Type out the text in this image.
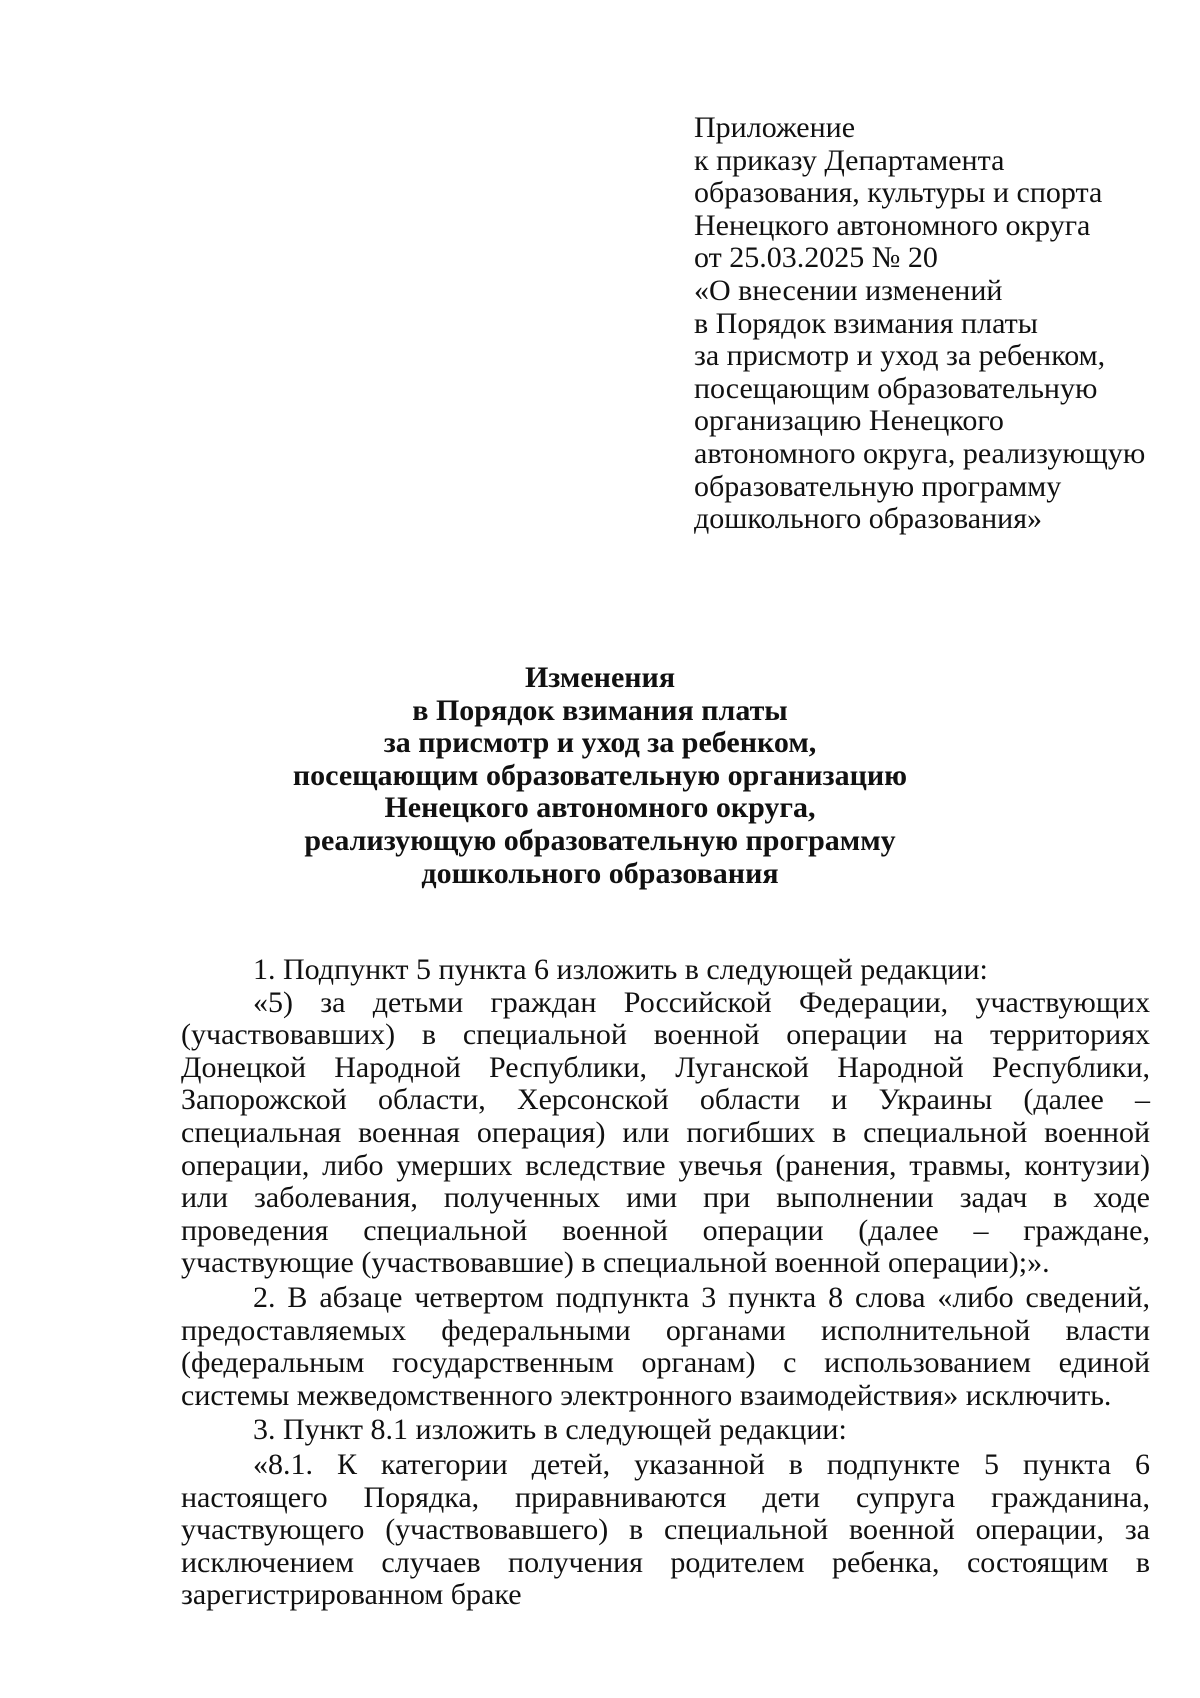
Приложение
к приказу Департамента
образования, культуры и спорта
Ненецкого автономного округа
от 25.03.2025 № 20
«О внесении изменений
в Порядок взимания платы
за присмотр и уход за ребенком,
посещающим образовательную
организацию Ненецкого
автономного округа, реализующую
образовательную программу
дошкольного образования»
Изменения
в Порядок взимания платы
за присмотр и уход за ребенком,
посещающим образовательную организацию
Ненецкого автономного округа,
реализующую образовательную программу
дошкольного образования

1. Подпункт 5 пункта 6 изложить в следующей редакции:

«5) за детьми граждан Российской Федерации, участвующих (участвовавших) в специальной военной операции на территориях Донецкой Народной Республики, Луганской Народной Республики, Запорожской области, Херсонской области и Украины (далее – специальная военная операция) или погибших в специальной военной операции, либо умерших вследствие увечья (ранения, травмы, контузии) или заболевания, полученных ими при выполнении задач в ходе проведения специальной военной операции (далее – граждане, участвующие (участвовавшие) в специальной военной операции);».

2. В абзаце четвертом подпункта 3 пункта 8 слова «либо сведений, предоставляемых федеральными органами исполнительной власти (федеральным государственным органам) с использованием единой системы межведомственного электронного взаимодействия» исключить.

3. Пункт 8.1 изложить в следующей редакции:

«8.1. К категории детей, указанной в подпункте 5 пункта 6 настоящего Порядка, приравниваются дети супруга гражданина, участвующего (участвовавшего) в специальной военной операции, за исключением случаев получения родителем ребенка, состоящим в зарегистрированном браке
